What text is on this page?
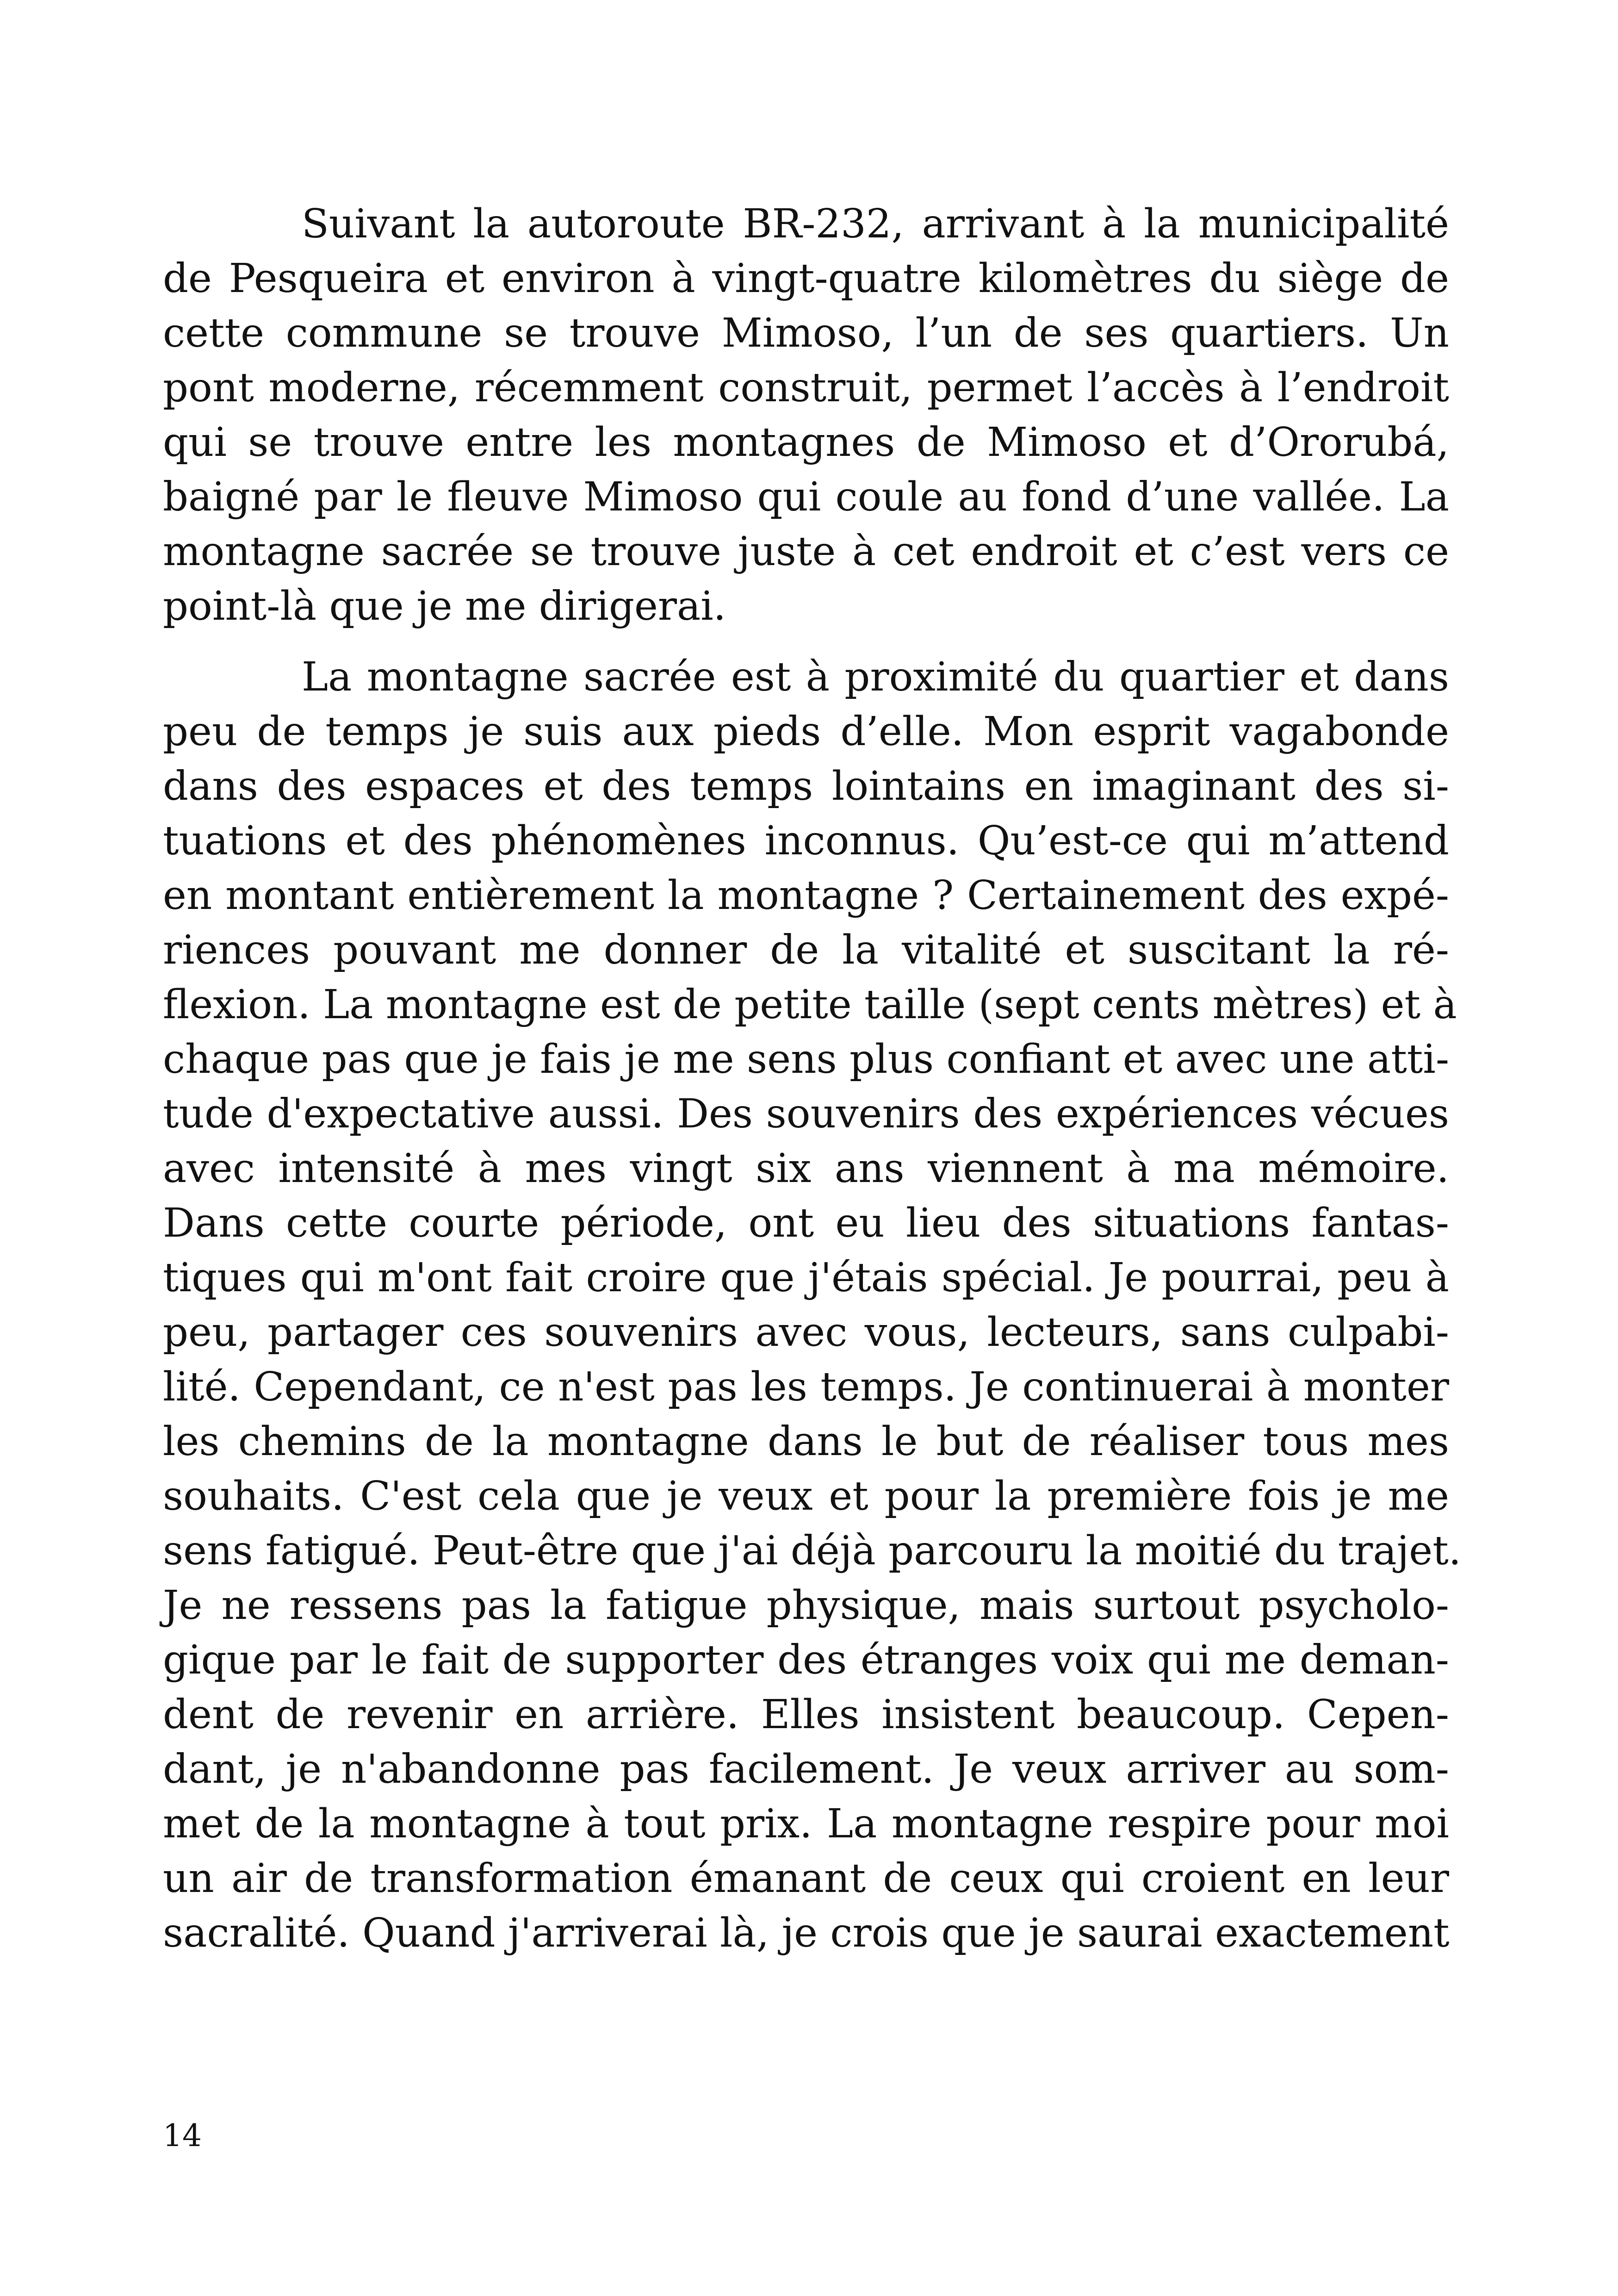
Suivant la autoroute BR-232, arrivant à la municipalité
de Pesqueira et environ à vingt-quatre kilomètres du siège de
cette commune se trouve Mimoso, l’un de ses quartiers. Un
pont moderne, récemment construit, permet l’accès à l’endroit
qui se trouve entre les montagnes de Mimoso et d’Ororubá,
baigné par le fleuve Mimoso qui coule au fond d’une vallée. La
montagne sacrée se trouve juste à cet endroit et c’est vers ce
point-là que je me dirigerai.
La montagne sacrée est à proximité du quartier et dans
peu de temps je suis aux pieds d’elle. Mon esprit vagabonde
dans des espaces et des temps lointains en imaginant des si-
tuations et des phénomènes inconnus. Qu’est-ce qui m’attend
en montant entièrement la montagne ? Certainement des expé-
riences pouvant me donner de la vitalité et suscitant la ré-
flexion. La montagne est de petite taille (sept cents mètres) et à
chaque pas que je fais je me sens plus confiant et avec une atti-
tude d'expectative aussi. Des souvenirs des expériences vécues
avec intensité à mes vingt six ans viennent à ma mémoire.
Dans cette courte période, ont eu lieu des situations fantas-
tiques qui m'ont fait croire que j'étais spécial. Je pourrai, peu à
peu, partager ces souvenirs avec vous, lecteurs, sans culpabi-
lité. Cependant, ce n'est pas les temps. Je continuerai à monter
les chemins de la montagne dans le but de réaliser tous mes
souhaits. C'est cela que je veux et pour la première fois je me
sens fatigué. Peut-être que j'ai déjà parcouru la moitié du trajet.
Je ne ressens pas la fatigue physique, mais surtout psycholo-
gique par le fait de supporter des étranges voix qui me deman-
dent de revenir en arrière. Elles insistent beaucoup. Cepen-
dant, je n'abandonne pas facilement. Je veux arriver au som-
met de la montagne à tout prix. La montagne respire pour moi
un air de transformation émanant de ceux qui croient en leur
sacralité. Quand j'arriverai là, je crois que je saurai exactement
14
